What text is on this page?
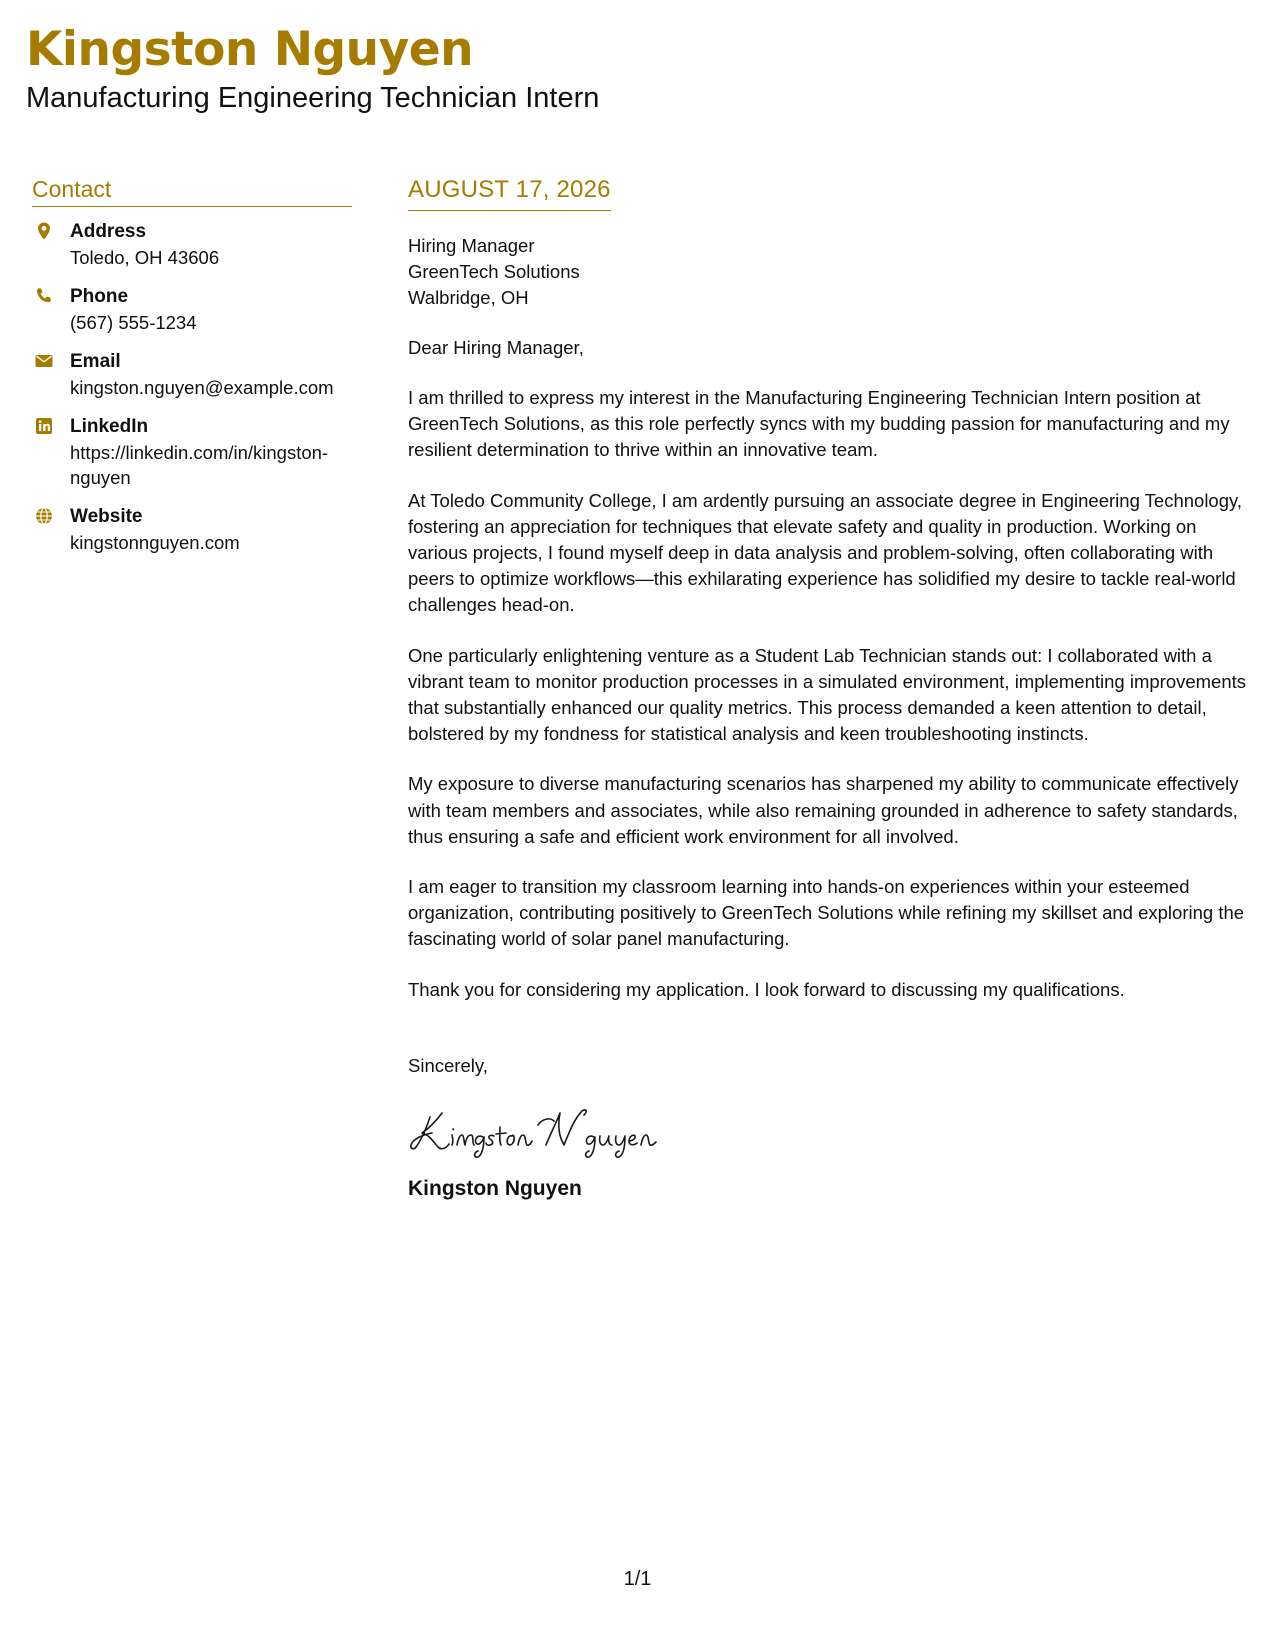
Kingston Nguyen
Manufacturing Engineering Technician Intern
Contact
Address
Toledo, OH 43606
Phone
(567) 555-1234
Email
kingston.nguyen@example.com
LinkedIn
https://linkedin.com/in/kingston-nguyen
Website
kingstonnguyen.com
AUGUST 17, 2026
Hiring Manager
GreenTech Solutions
Walbridge, OH
Dear Hiring Manager,

I am thrilled to express my interest in the Manufacturing Engineering Technician Intern position at GreenTech Solutions, as this role perfectly syncs with my budding passion for manufacturing and my resilient determination to thrive within an innovative team.

At Toledo Community College, I am ardently pursuing an associate degree in Engineering Technology, fostering an appreciation for techniques that elevate safety and quality in production. Working on various projects, I found myself deep in data analysis and problem-solving, often collaborating with peers to optimize workflows—this exhilarating experience has solidified my desire to tackle real-world challenges head-on.

One particularly enlightening venture as a Student Lab Technician stands out: I collaborated with a vibrant team to monitor production processes in a simulated environment, implementing improvements that substantially enhanced our quality metrics. This process demanded a keen attention to detail, bolstered by my fondness for statistical analysis and keen troubleshooting instincts.

My exposure to diverse manufacturing scenarios has sharpened my ability to communicate effectively with team members and associates, while also remaining grounded in adherence to safety standards, thus ensuring a safe and efficient work environment for all involved.

I am eager to transition my classroom learning into hands-on experiences within your esteemed organization, contributing positively to GreenTech Solutions while refining my skillset and exploring the fascinating world of solar panel manufacturing.

Thank you for considering my application. I look forward to discussing my qualifications.

Sincerely,
Kingston Nguyen
1/1
